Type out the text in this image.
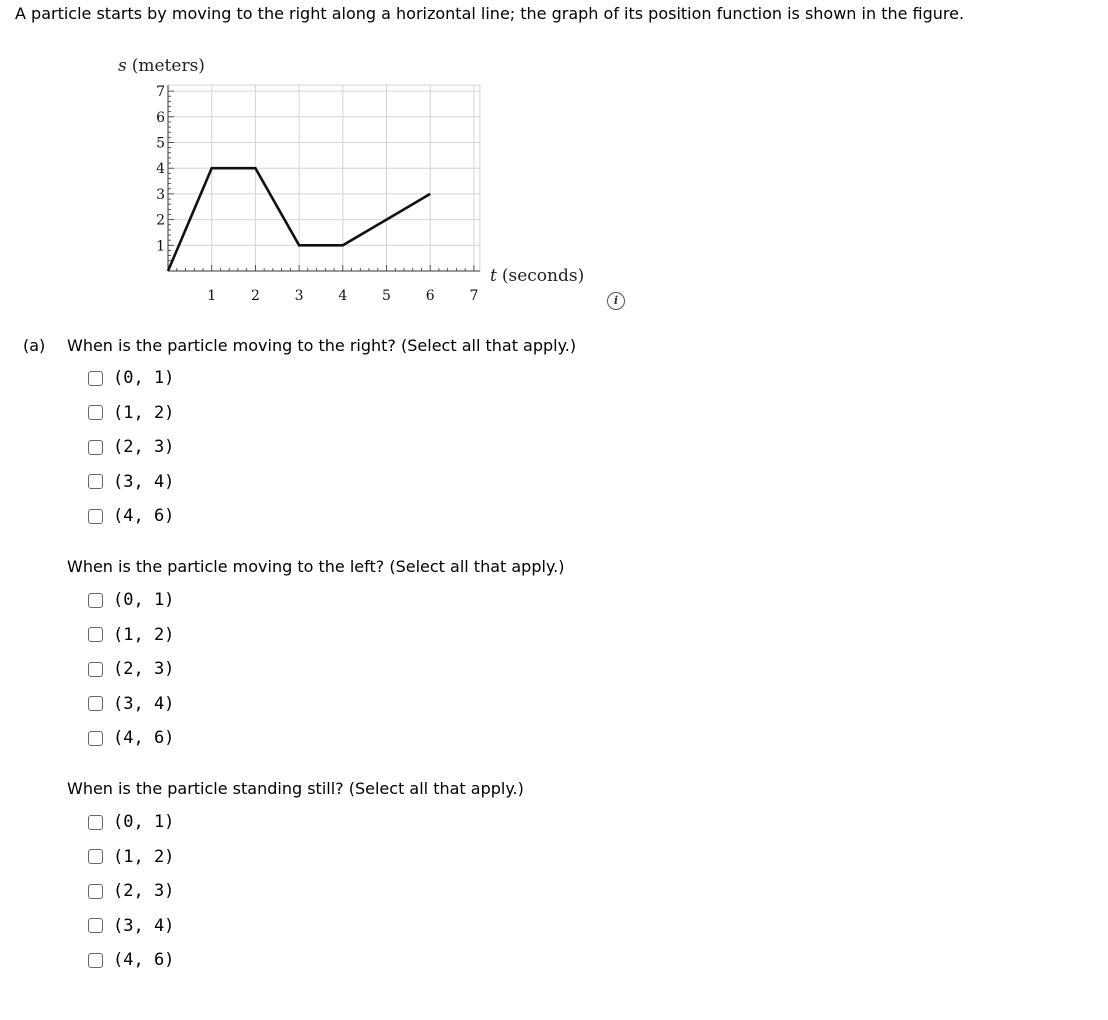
A particle starts by moving to the right along a horizontal line; the graph of its position function is shown in the figure.
1 2 3 4 5 6 7
1
2
3
4
5
6
7
s (meters)
t (seconds)
i
(a) When is the particle moving to the right? (Select all that apply.)
(0, 1)
(1, 2)
(2, 3)
(3, 4)
(4, 6)
When is the particle moving to the left? (Select all that apply.)
(0, 1)
(1, 2)
(2, 3)
(3, 4)
(4, 6)
When is the particle standing still? (Select all that apply.)
(0, 1)
(1, 2)
(2, 3)
(3, 4)
(4, 6)
